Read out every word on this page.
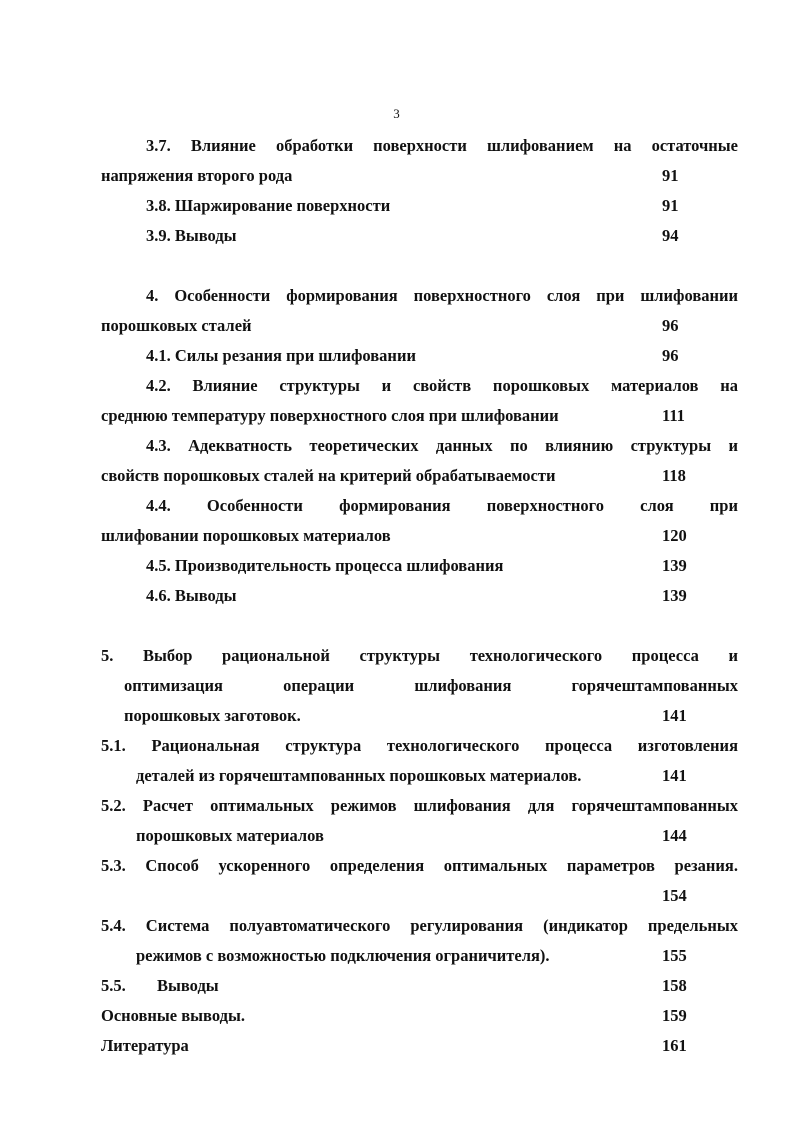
3
3.7. Влияние обработки поверхности шлифованием на остаточные
напряжения второго рода	91
3.8. Шаржирование поверхности	91
3.9. Выводы	94
4. Особенности формирования поверхностного слоя при шлифовании
порошковых сталей	96
4.1. Силы резания при шлифовании	96
4.2. Влияние структуры и свойств порошковых материалов на
среднюю температуру поверхностного слоя при шлифовании	111
4.3. Адекватность теоретических данных по влиянию структуры и
свойств порошковых сталей на критерий обрабатываемости	118
4.4. Особенности формирования поверхностного слоя при
шлифовании порошковых материалов	120
4.5. Производительность процесса шлифования	139
4.6. Выводы	139
5. Выбор рациональной структуры технологического процесса и
оптимизация операции шлифования горячештампованных
порошковых заготовок.	141
5.1. Рациональная структура технологического процесса изготовления
деталей из горячештампованных порошковых материалов.	141
5.2. Расчет оптимальных режимов шлифования для горячештампованных
порошковых материалов	144
5.3. Способ ускоренного определения оптимальных параметров резания.
154
5.4. Система полуавтоматического регулирования (индикатор предельных
режимов с возможностью подключения ограничителя).	155
5.5. Выводы	158
Основные выводы.	159
Литература	161
